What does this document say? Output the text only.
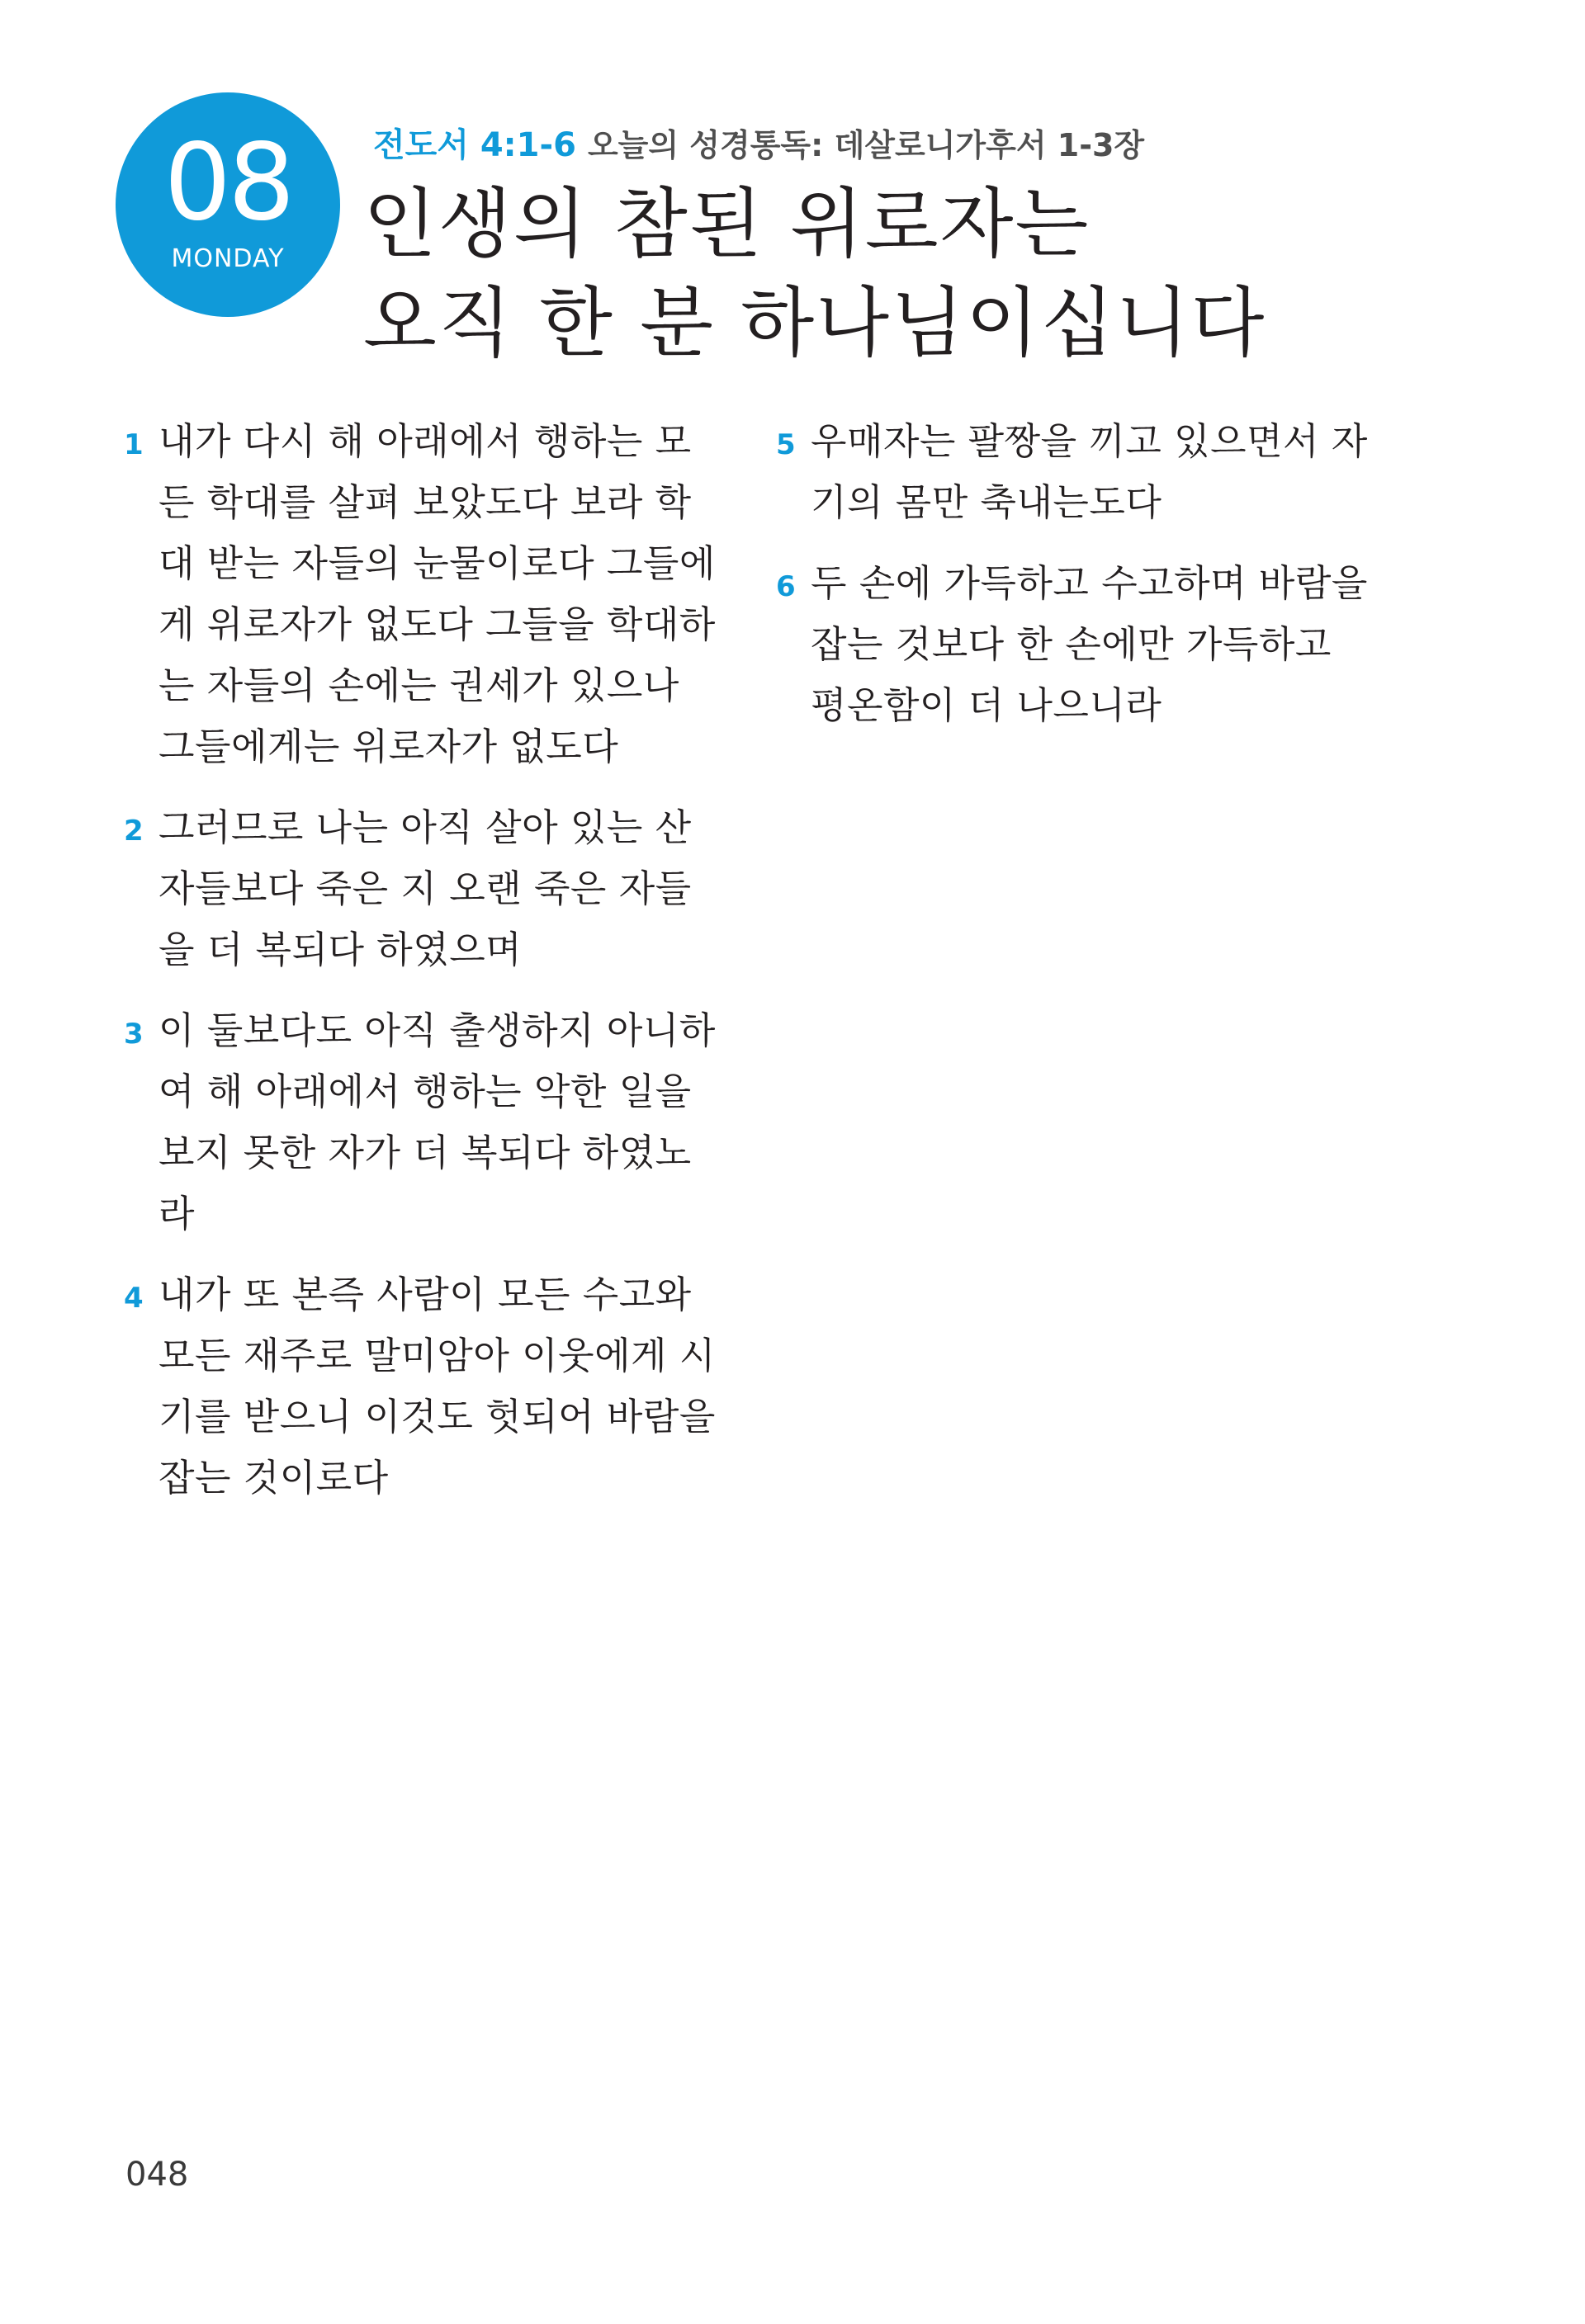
08
MONDAY
전도서 4:1-6 오늘의 성경통독: 데살로니가후서 1-3장
인생의 참된 위로자는
오직 한 분 하나님이십니다
1 내가 다시 해 아래에서 행하는 모
든 학대를 살펴 보았도다 보라 학
대 받는 자들의 눈물이로다 그들에
게 위로자가 없도다 그들을 학대하
는 자들의 손에는 권세가 있으나
그들에게는 위로자가 없도다
2 그러므로 나는 아직 살아 있는 산
자들보다 죽은 지 오랜 죽은 자들
을 더 복되다 하였으며
3 이 둘보다도 아직 출생하지 아니하
여 해 아래에서 행하는 악한 일을
보지 못한 자가 더 복되다 하였노
라
4 내가 또 본즉 사람이 모든 수고와
모든 재주로 말미암아 이웃에게 시
기를 받으니 이것도 헛되어 바람을
잡는 것이로다
5 우매자는 팔짱을 끼고 있으면서 자
기의 몸만 축내는도다
6 두 손에 가득하고 수고하며 바람을
잡는 것보다 한 손에만 가득하고
평온함이 더 나으니라
048
